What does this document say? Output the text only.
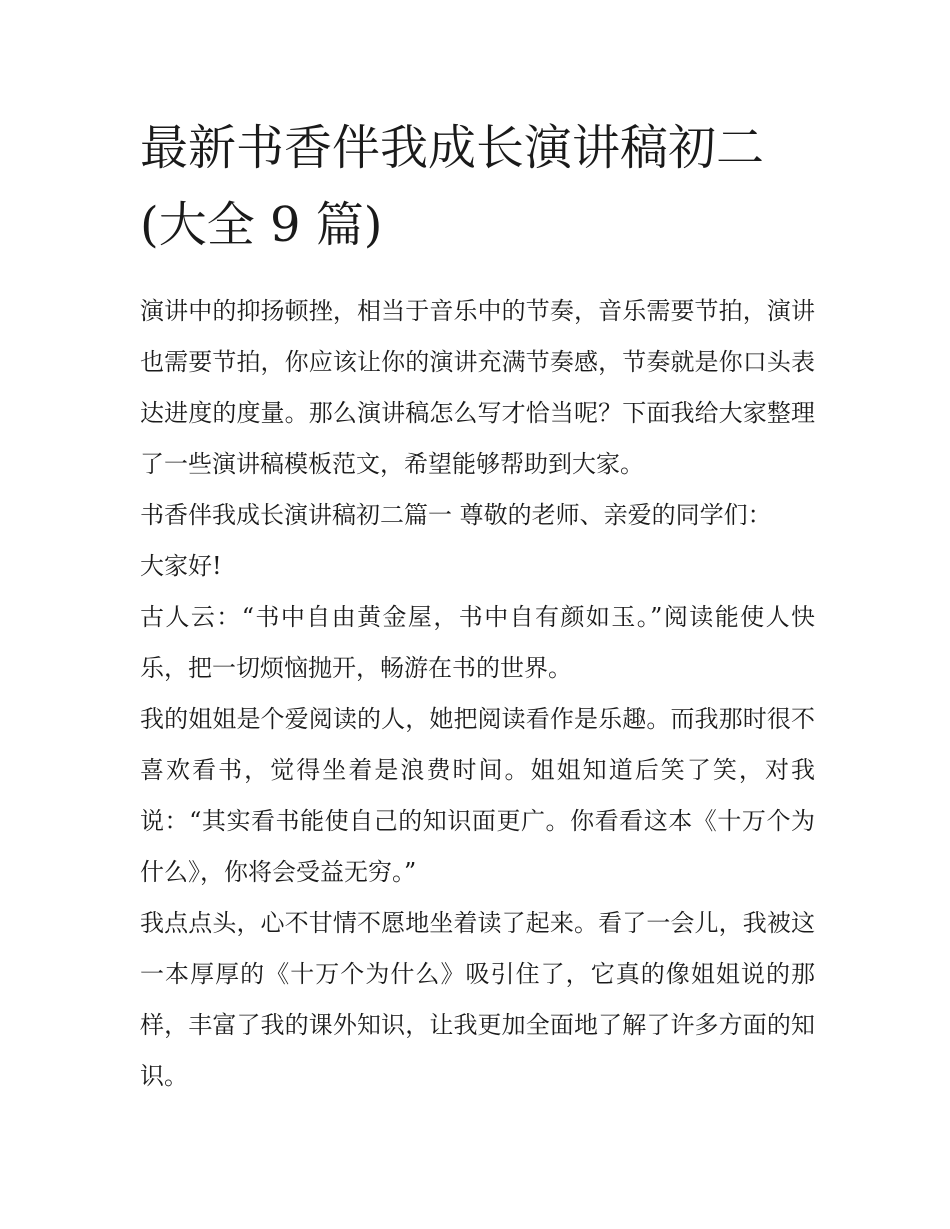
最新书香伴我成长演讲稿初二
(大全 9 篇)

演讲中的抑扬顿挫，相当于音乐中的节奏，音乐需要节拍，演讲也需要节拍，你应该让你的演讲充满节奏感，节奏就是你口头表达进度的度量。那么演讲稿怎么写才恰当呢？下面我给大家整理了一些演讲稿模板范文，希望能够帮助到大家。

书香伴我成长演讲稿初二篇一 尊敬的老师、亲爱的同学们：

大家好!

古人云：“书中自由黄金屋，书中自有颜如玉。”阅读能使人快乐，把一切烦恼抛开，畅游在书的世界。

我的姐姐是个爱阅读的人，她把阅读看作是乐趣。而我那时很不喜欢看书，觉得坐着是浪费时间。姐姐知道后笑了笑，对我说：“其实看书能使自己的知识面更广。你看看这本《十万个为什么》，你将会受益无穷。”

我点点头，心不甘情不愿地坐着读了起来。看了一会儿，我被这一本厚厚的《十万个为什么》吸引住了，它真的像姐姐说的那样，丰富了我的课外知识，让我更加全面地了解了许多方面的知识。
